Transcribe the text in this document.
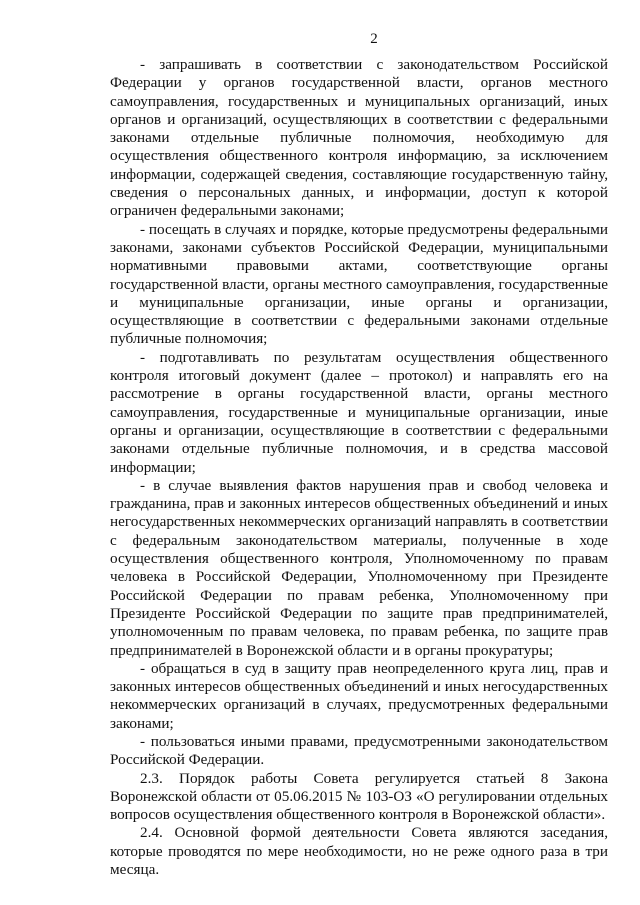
2

- запрашивать в соответствии с законодательством Российской Федерации у органов государственной власти, органов местного самоуправления, государственных и муниципальных организаций, иных органов и организаций, осуществляющих в соответствии с федеральными законами отдельные публичные полномочия, необходимую для осуществления общественного контроля информацию, за исключением информации, содержащей сведения, составляющие государственную тайну, сведения о персональных данных, и информации, доступ к которой ограничен федеральными законами;

- посещать в случаях и порядке, которые предусмотрены федеральными законами, законами субъектов Российской Федерации, муниципальными нормативными правовыми актами, соответствующие органы государственной власти, органы местного самоуправления, государственные и муниципальные организации, иные органы и организации, осуществляющие в соответствии с федеральными законами отдельные публичные полномочия;

- подготавливать по результатам осуществления общественного контроля итоговый документ (далее – протокол) и направлять его на рассмотрение в органы государственной власти, органы местного самоуправления, государственные и муниципальные организации, иные органы и организации, осуществляющие в соответствии с федеральными законами отдельные публичные полномочия, и в средства массовой информации;

- в случае выявления фактов нарушения прав и свобод человека и гражданина, прав и законных интересов общественных объединений и иных негосударственных некоммерческих организаций направлять в соответствии с федеральным законодательством материалы, полученные в ходе осуществления общественного контроля, Уполномоченному по правам человека в Российской Федерации, Уполномоченному при Президенте Российской Федерации по правам ребенка, Уполномоченному при Президенте Российской Федерации по защите прав предпринимателей, уполномоченным по правам человека, по правам ребенка, по защите прав предпринимателей в Воронежской области и в органы прокуратуры;

- обращаться в суд в защиту прав неопределенного круга лиц, прав и законных интересов общественных объединений и иных негосударственных некоммерческих организаций в случаях, предусмотренных федеральными законами;

- пользоваться иными правами, предусмотренными законодательством Российской Федерации.

2.3. Порядок работы Совета регулируется статьей 8 Закона Воронежской области от 05.06.2015 № 103-ОЗ «О регулировании отдельных вопросов осуществления общественного контроля в Воронежской области».

2.4. Основной формой деятельности Совета являются заседания, которые проводятся по мере необходимости, но не реже одного раза в три месяца.
